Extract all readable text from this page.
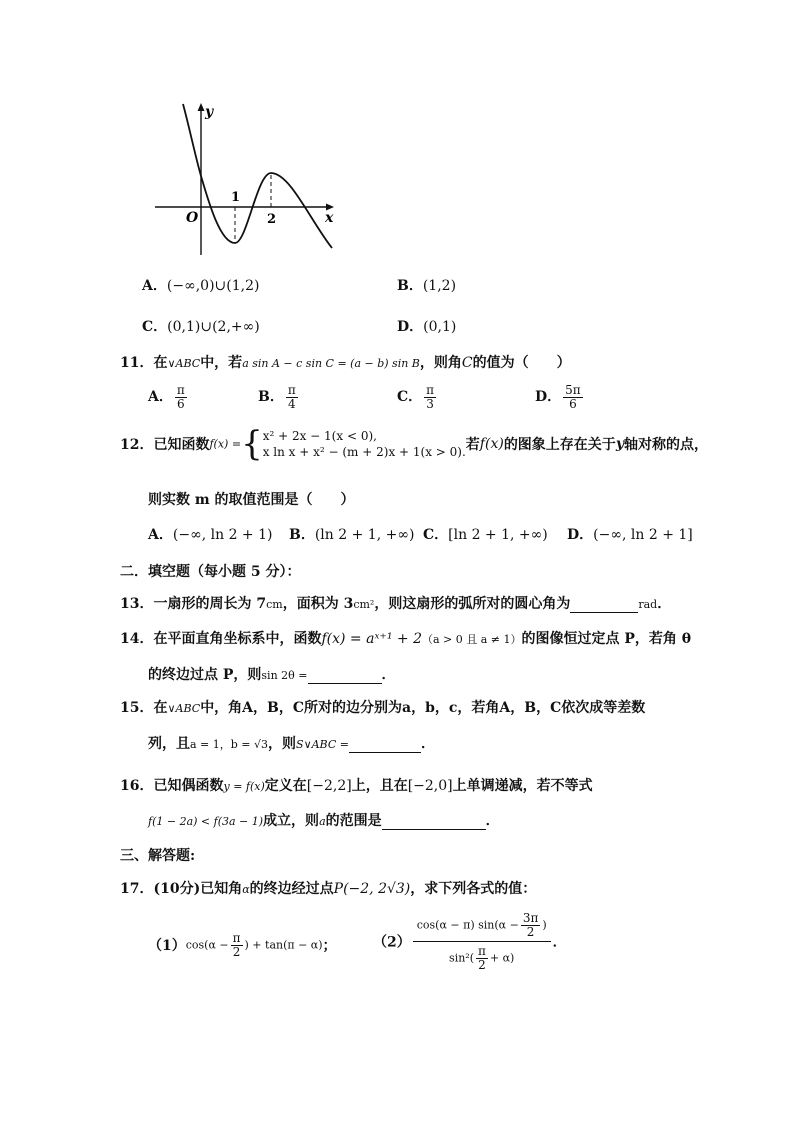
y
x
O
1
2
A．(−∞,0)∪(1,2)	B．(1,2)
C．(0,1)∪(2,+∞)	D．(0,1)
11．在∨ABC中，若a sin A − c sin C = (a − b) sin B，则角C的值为（　　）
A． $\frac{\pi}{6}$	B． $\frac{\pi}{4}$	C． $\frac{\pi}{3}$	D． $\frac{5\pi}{6}$
12．已知函数f(x) ={ x² + 2x − 1(x < 0),
x ln x + x² − (m + 2)x + 1(x > 0). 若f(x)的图象上存在关于y轴对称的点，
则实数 m 的取值范围是（　　）
A．(−∞, ln 2 + 1) B．(ln 2 + 1, +∞) C．[ln 2 + 1, +∞) D．(−∞, ln 2 + 1]
二．填空题（每小题 5 分）：
13．一扇形的周长为 7cm，面积为 3cm²，则这扇形的弧所对的圆心角为	rad．
14．在平面直角坐标系中，函数f(x) = aˣ⁺¹ + 2（a > 0 且 a ≠ 1）的图像恒过定点 P，若角 θ
的终边过点 P，则sin 2θ =	．
15．在∨ABC中，角A，B，C所对的边分别为a，b，c，若角A，B，C依次成等差数
列，且a = 1，b = √3，则S∨ABC =	．
16．已知偶函数y = f(x)定义在[−2,2]上，且在[−2,0]上单调递减，若不等式
f(1 − 2a) < f(3a − 1)成立，则a的范围是	．
三、解答题:
17．(10分)已知角α的终边经过点P(−2, 2√3)，求下列各式的值：
$(1)\cos(\alpha - \frac{\pi}{2}$ ) + tan(π − α)；	$(2) \frac{\cos(\alpha - \pi) \sin(\alpha - \frac{3\pi}{2} )}{\sin^2( \frac{\pi}{2} + \alpha)}$ ．
